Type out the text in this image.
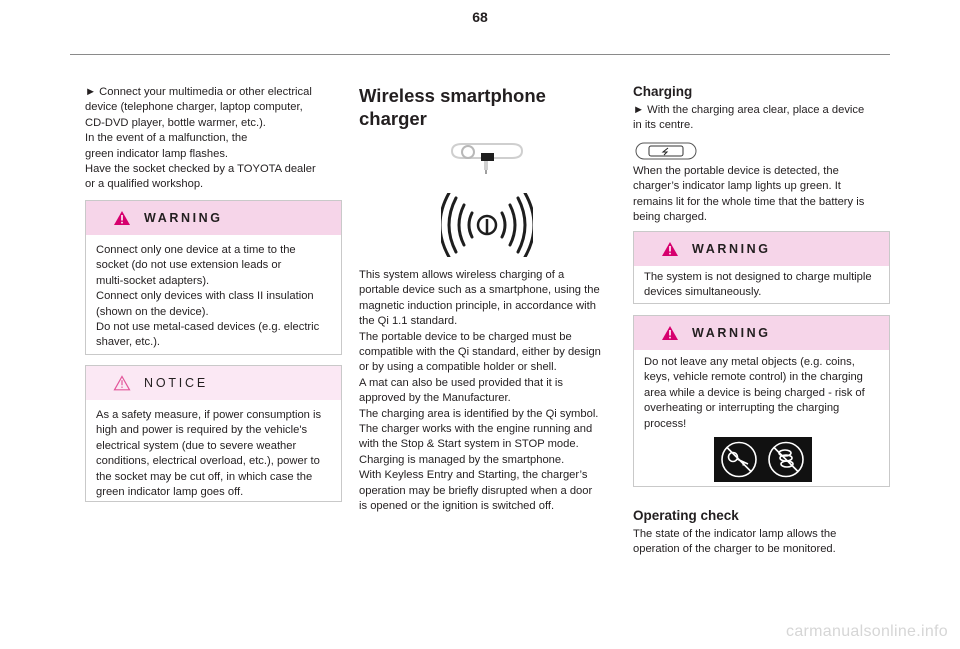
68

► Connect your multimedia or other electrical
device (telephone charger, laptop computer,
CD-DVD player, bottle warmer, etc.).
In the event of a malfunction, the
green indicator lamp flashes.
Have the socket checked by a TOYOTA dealer
or a qualified workshop.

WARNING

Connect only one device at a time to the
socket (do not use extension leads or
multi-socket adapters).
Connect only devices with class II insulation
(shown on the device).
Do not use metal-cased devices (e.g. electric
shaver, etc.).

NOTICE

As a safety measure, if power consumption is
high and power is required by the vehicle's
electrical system (due to severe weather
conditions, electrical overload, etc.), power to
the socket may be cut off, in which case the
green indicator lamp goes off.

Wireless smartphone
charger

This system allows wireless charging of a
portable device such as a smartphone, using the
magnetic induction principle, in accordance with
the Qi 1.1 standard.
The portable device to be charged must be
compatible with the Qi standard, either by design
or by using a compatible holder or shell.
A mat can also be used provided that it is
approved by the Manufacturer.
The charging area is identified by the Qi symbol.
The charger works with the engine running and
with the Stop & Start system in STOP mode.
Charging is managed by the smartphone.
With Keyless Entry and Starting, the charger’s
operation may be briefly disrupted when a door
is opened or the ignition is switched off.

Charging

► With the charging area clear, place a device
in its centre.

When the portable device is detected, the
charger’s indicator lamp lights up green. It
remains lit for the whole time that the battery is
being charged.

WARNING

The system is not designed to charge multiple
devices simultaneously.

WARNING

Do not leave any metal objects (e.g. coins,
keys, vehicle remote control) in the charging
area while a device is being charged - risk of
overheating or interrupting the charging
process!

Operating check

The state of the indicator lamp allows the
operation of the charger to be monitored.

carmanualsonline.info
